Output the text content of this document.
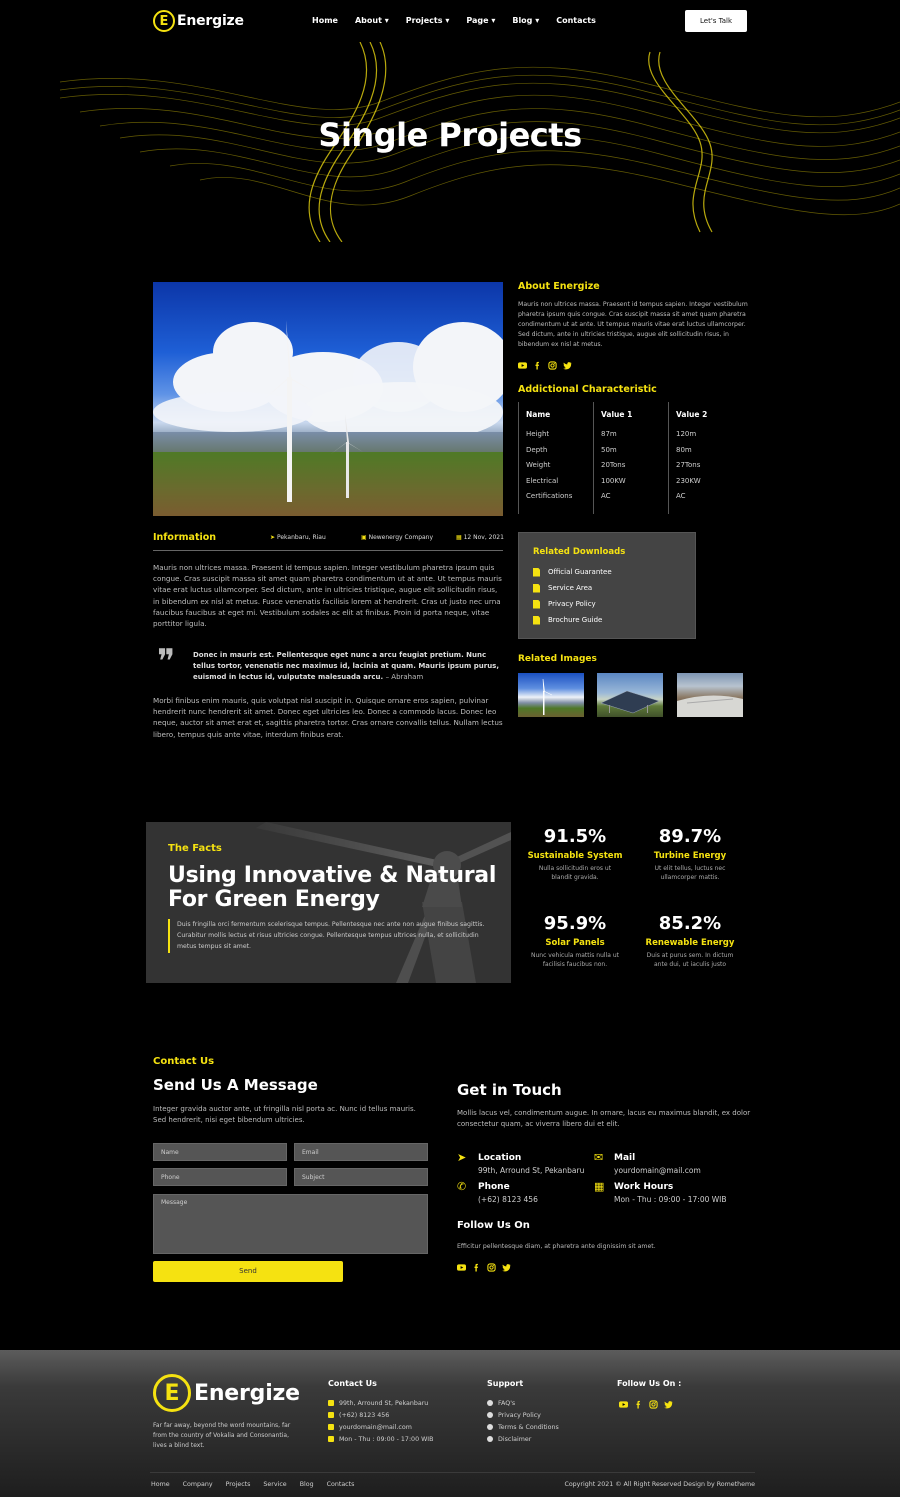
E Energize	Home About ▾ Projects ▾ Page ▾ Blog ▾ Contacts	Let's Talk
Single Projects
About Energize

Mauris non ultrices massa. Praesent id tempus sapien. Integer vestibulum pharetra ipsum quis congue. Cras suscipit massa sit amet quam pharetra condimentum ut at ante. Ut tempus mauris vitae erat luctus ullamcorper. Sed dictum, ante in ultricies tristique, augue elit sollicitudin risus, in bibendum ex nisl at metus.

Addictional Characteristic
Name	Value 1	Value 2
Height	87m	120m
Depth	50m	80m
Weight	20Tons	27Tons
Electrical	100KW	230KW
Certifications	AC	AC
Information	➤ Pekanbaru, Riau	▣ Newenergy Company	▦ 12 Nov, 2021

Mauris non ultrices massa. Praesent id tempus sapien. Integer vestibulum pharetra ipsum quis congue. Cras suscipit massa sit amet quam pharetra condimentum ut at ante. Ut tempus mauris vitae erat luctus ullamcorper. Sed dictum, ante in ultricies tristique, augue elit sollicitudin risus, in bibendum ex nisl at metus. Fusce venenatis facilisis lorem at hendrerit. Cras ut justo nec urna faucibus faucibus at eget mi. Vestibulum sodales ac elit at finibus. Proin id porta neque, vitae porttitor ligula.

❞	Donec in mauris est. Pellentesque eget nunc a arcu feugiat pretium. Nunc tellus tortor, venenatis nec maximus id, lacinia at quam. Mauris ipsum purus, euismod in lectus id, vulputate malesuada arcu. – Abraham

Morbi finibus enim mauris, quis volutpat nisl suscipit in. Quisque ornare eros sapien, pulvinar hendrerit nunc hendrerit sit amet. Donec eget ultricies leo. Donec a commodo lacus. Donec leo neque, auctor sit amet erat et, sagittis pharetra tortor. Cras ornare convallis tellus. Nullam lectus libero, tempus quis ante vitae, interdum finibus erat.

Related Downloads
Official Guarantee
Service Area
Privacy Policy
Brochure Guide
Related Images
The Facts
Using Innovative & Natural
For Green Energy

Duis fringilla orci fermentum scelerisque tempus. Pellentesque nec ante non augue finibus sagittis. Curabitur mollis lectus et risus ultricies congue. Pellentesque tempus ultrices nulla, et sollicitudin metus tempus sit amet.

91.5%
Sustainable System
Nulla sollicitudin eros ut blandit gravida.
89.7%
Turbine Energy
Ut elit tellus, luctus nec ullamcorper mattis.
95.9%
Solar Panels
Nunc vehicula mattis nulla ut facilisis faucibus non.
85.2%
Renewable Energy
Duis at purus sem. In dictum ante dui, ut iaculis justo
Contact Us
Send Us A Message

Integer gravida auctor ante, ut fringilla nisl porta ac. Nunc id tellus mauris. Sed hendrerit, nisi eget bibendum ultricies.

Name	Email
Phone	Subject
Message
Send
Get in Touch

Mollis lacus vel, condimentum augue. In ornare, lacus eu maximus blandit, ex dolor consectetur quam, ac viverra libero dui et elit.

➤ Location
99th, Arround St, Pekanbaru
✉ Mail
yourdomain@mail.com
✆ Phone
(+62) 8123 456
▦ Work Hours
Mon - Thu : 09:00 - 17:00 WIB
Follow Us On

Efficitur pellentesque diam, at pharetra ante dignissim sit amet.

E Energize

Far far away, beyond the word mountains, far from the country of Vokalia and Consonantia, lives a blind text.

Contact Us
99th, Arround St, Pekanbaru
(+62) 8123 456
yourdomain@mail.com
Mon - Thu : 09:00 - 17:00 WIB
Support
FAQ's
Privacy Policy
Terms & Conditions
Disclaimer
Follow Us On :
Home Company Projects Service Blog Contacts	Copyright 2021 © All Right Reserved Design by Rometheme
